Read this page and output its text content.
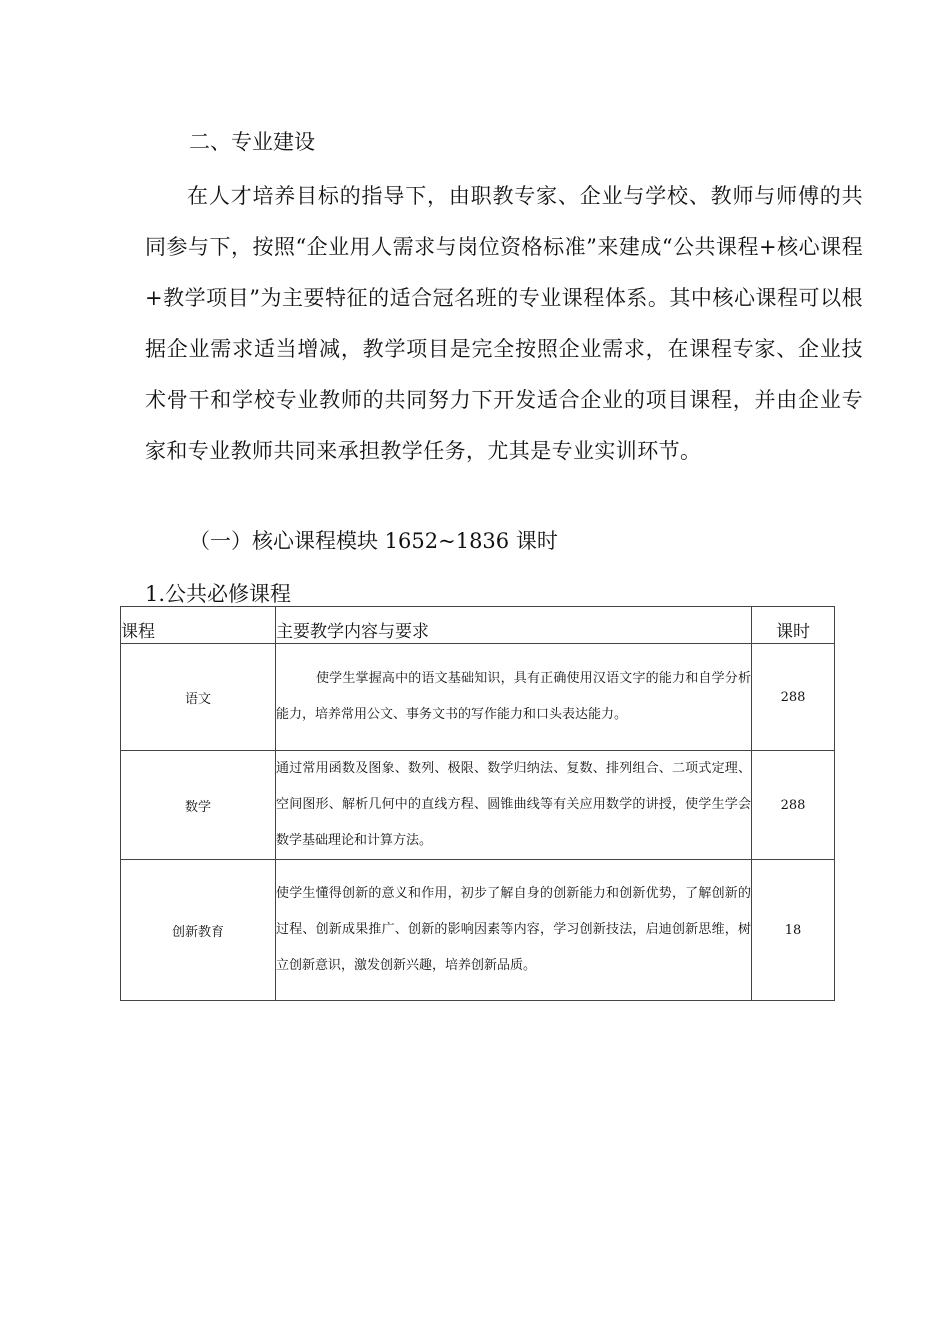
二、专业建设
在人才培养目标的指导下，由职教专家、企业与学校、教师与师傅的共同参与下，按照“企业用人需求与岗位资格标准”来建成“公共课程+核心课程+教学项目”为主要特征的适合冠名班的专业课程体系。其中核心课程可以根据企业需求适当增减，教学项目是完全按照企业需求，在课程专家、企业技术骨干和学校专业教师的共同努力下开发适合企业的项目课程，并由企业专家和专业教师共同来承担教学任务，尤其是专业实训环节。
（一）核心课程模块 1652~1836 课时
1.公共必修课程
课程	主要教学内容与要求	课时
语文	使学生掌握高中的语文基础知识，具有正确使用汉语文字的能力和自学分析能力，培养常用公文、事务文书的写作能力和口头表达能力。	288
数学	通过常用函数及图象、数列、极限、数学归纳法、复数、排列组合、二项式定理、空间图形、解析几何中的直线方程、圆锥曲线等有关应用数学的讲授，使学生学会数学基础理论和计算方法。	288
创新教育	使学生懂得创新的意义和作用，初步了解自身的创新能力和创新优势，了解创新的过程、创新成果推广、创新的影响因素等内容，学习创新技法，启迪创新思维，树立创新意识，激发创新兴趣，培养创新品质。	18
